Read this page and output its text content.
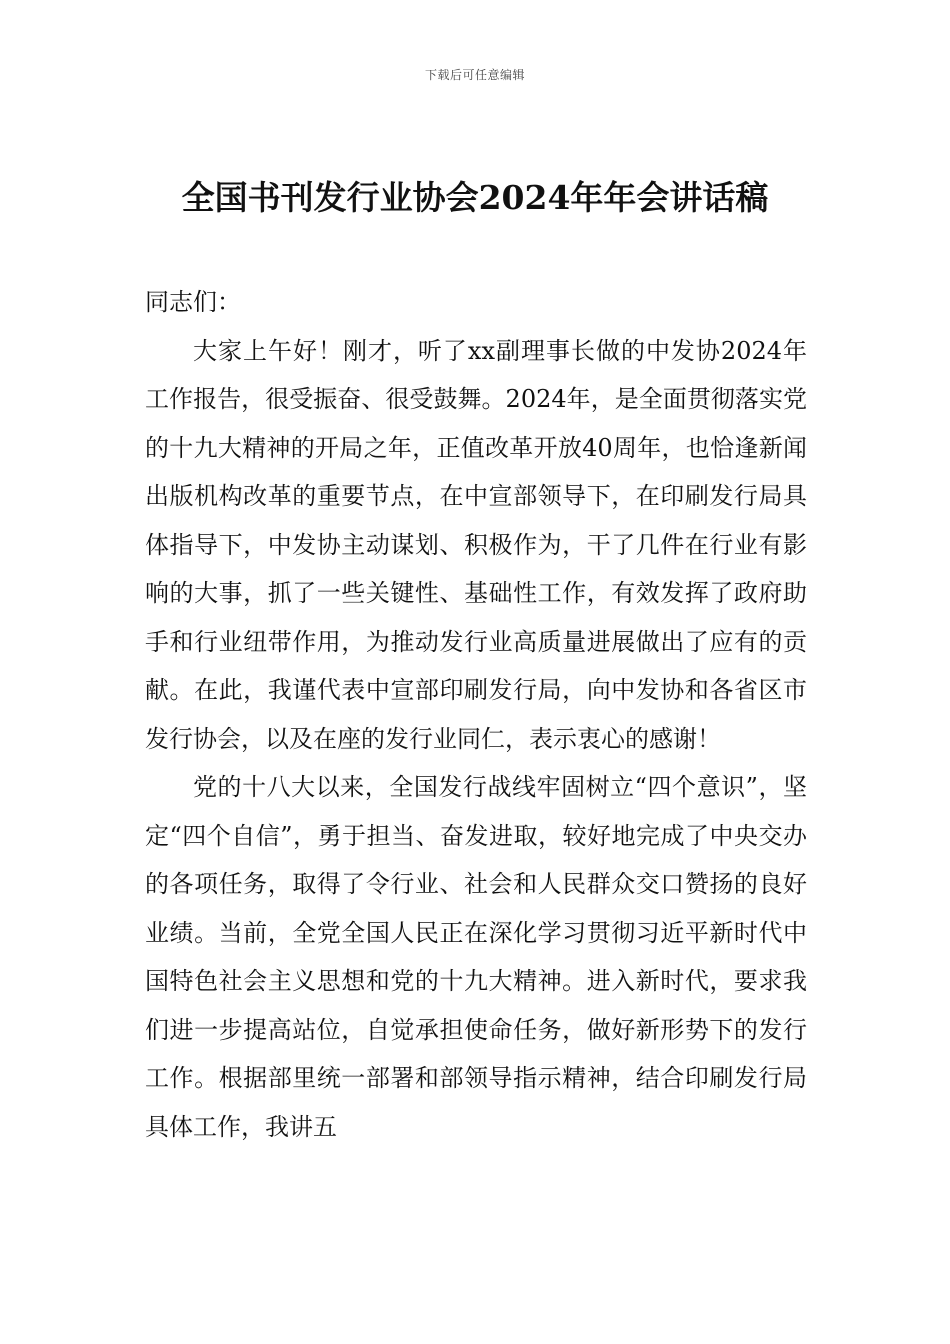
下载后可任意编辑
全国书刊发行业协会2024年年会讲话稿

同志们：

大家上午好！刚才，听了xx副理事长做的中发协2024年工作报告，很受振奋、很受鼓舞。2024年，是全面贯彻落实党的十九大精神的开局之年，正值改革开放40周年，也恰逢新闻出版机构改革的重要节点，在中宣部领导下，在印刷发行局具体指导下，中发协主动谋划、积极作为，干了几件在行业有影响的大事，抓了一些关键性、基础性工作，有效发挥了政府助手和行业纽带作用，为推动发行业高质量进展做出了应有的贡献。在此，我谨代表中宣部印刷发行局，向中发协和各省区市发行协会，以及在座的发行业同仁，表示衷心的感谢！

党的十八大以来，全国发行战线牢固树立“四个意识”，坚定“四个自信”，勇于担当、奋发进取，较好地完成了中央交办的各项任务，取得了令行业、社会和人民群众交口赞扬的良好业绩。当前，全党全国人民正在深化学习贯彻习近平新时代中国特色社会主义思想和党的十九大精神。进入新时代，要求我们进一步提高站位，自觉承担使命任务，做好新形势下的发行工作。根据部里统一部署和部领导指示精神，结合印刷发行局具体工作，我讲五
